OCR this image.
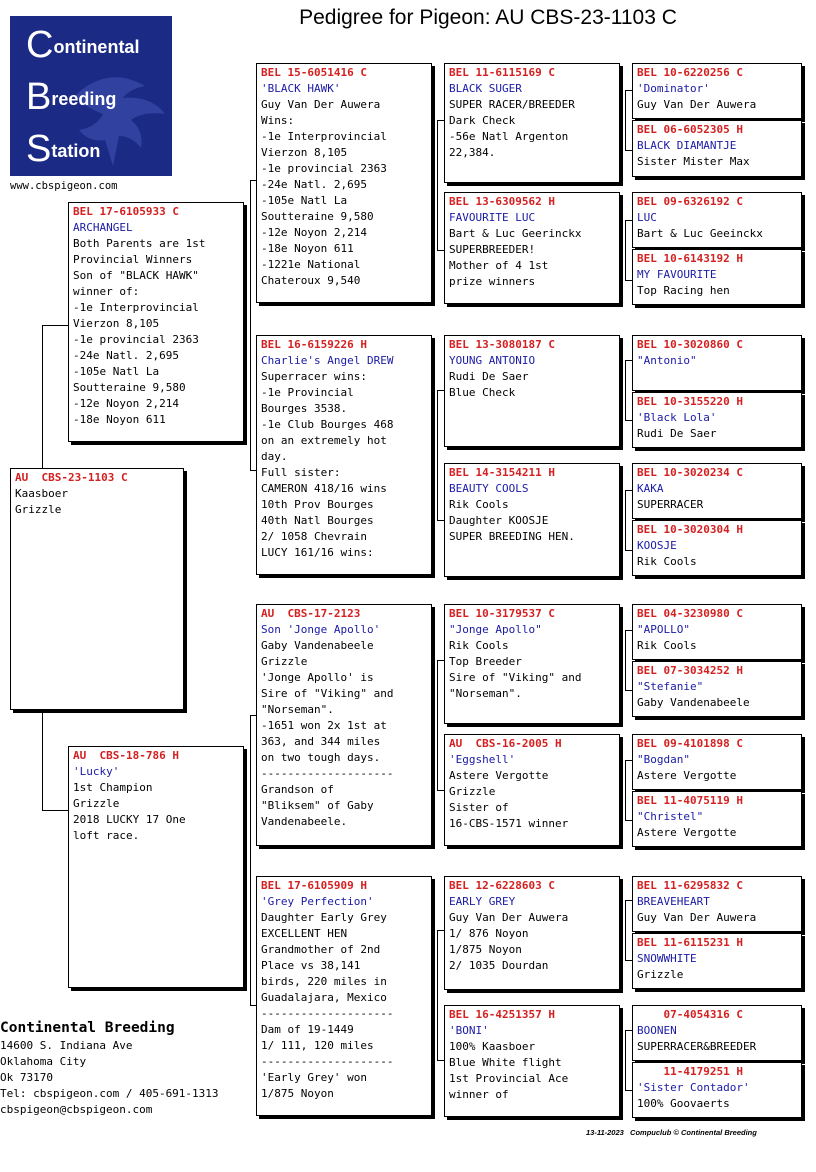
Pedigree for Pigeon: AU CBS-23-1103 C
Continental
Breeding
Station
www.cbspigeon.com
AU  CBS-23-1103 C
Kaasboer
Grizzle
BEL 17-6105933 C
ARCHANGEL
Both Parents are 1st
Provincial Winners
Son of "BLACK HAWK"
winner of:
-1e Interprovincial
Vierzon 8,105
-1e provincial 2363
-24e Natl. 2,695
-105e Natl La
Soutteraine 9,580
-12e Noyon 2,214
-18e Noyon 611
AU  CBS-18-786 H
'Lucky'
1st Champion
Grizzle
2018 LUCKY 17 One
loft race.
BEL 15-6051416 C
'BLACK HAWK'
Guy Van Der Auwera
Wins:
-1e Interprovincial
Vierzon 8,105
-1e provincial 2363
-24e Natl. 2,695
-105e Natl La
Soutteraine 9,580
-12e Noyon 2,214
-18e Noyon 611
-1221e National
Chateroux 9,540
BEL 16-6159226 H
Charlie's Angel DREW
Superracer wins:
-1e Provincial
Bourges 3538.
-1e Club Bourges 468
on an extremely hot
day.
Full sister:
CAMERON 418/16 wins
10th Prov Bourges
40th Natl Bourges
2/ 1058 Chevrain
LUCY 161/16 wins:
AU  CBS-17-2123
Son 'Jonge Apollo'
Gaby Vandenabeele
Grizzle
'Jonge Apollo' is
Sire of "Viking" and
"Norseman".
-1651 won 2x 1st at
363, and 344 miles
on two tough days.
--------------------
Grandson of
"Bliksem" of Gaby
Vandenabeele.
BEL 17-6105909 H
'Grey Perfection'
Daughter Early Grey
EXCELLENT HEN
Grandmother of 2nd
Place vs 38,141
birds, 220 miles in
Guadalajara, Mexico
--------------------
Dam of 19-1449
1/ 111, 120 miles
--------------------
'Early Grey' won
1/875 Noyon
BEL 11-6115169 C
BLACK SUGER
SUPER RACER/BREEDER
Dark Check
-56e Natl Argenton
22,384.
BEL 13-6309562 H
FAVOURITE LUC
Bart & Luc Geerinckx
SUPERBREEDER!
Mother of 4 1st
prize winners
BEL 13-3080187 C
YOUNG ANTONIO
Rudi De Saer
Blue Check
BEL 14-3154211 H
BEAUTY COOLS
Rik Cools
Daughter KOOSJE
SUPER BREEDING HEN.
BEL 10-3179537 C
"Jonge Apollo"
Rik Cools
Top Breeder
Sire of "Viking" and
"Norseman".
AU  CBS-16-2005 H
'Eggshell'
Astere Vergotte
Grizzle
Sister of
16-CBS-1571 winner
BEL 12-6228603 C
EARLY GREY
Guy Van Der Auwera
1/ 876 Noyon
1/875 Noyon
2/ 1035 Dourdan
BEL 16-4251357 H
'BONI'
100% Kaasboer
Blue White flight
1st Provincial Ace
winner of
BEL 10-6220256 C
'Dominator'
Guy Van Der Auwera
BEL 06-6052305 H
BLACK DIAMANTJE
Sister Mister Max
BEL 09-6326192 C
LUC
Bart & Luc Geeinckx
BEL 10-6143192 H
MY FAVOURITE
Top Racing hen
BEL 10-3020860 C
"Antonio"
BEL 10-3155220 H
'Black Lola'
Rudi De Saer
BEL 10-3020234 C
KAKA
SUPERRACER
BEL 10-3020304 H
KOOSJE
Rik Cools
BEL 04-3230980 C
"APOLLO"
Rik Cools
BEL 07-3034252 H
"Stefanie"
Gaby Vandenabeele
BEL 09-4101898 C
"Bogdan"
Astere Vergotte
BEL 11-4075119 H
"Christel"
Astere Vergotte
BEL 11-6295832 C
BREAVEHEART
Guy Van Der Auwera
BEL 11-6115231 H
SNOWWHITE
Grizzle
07-4054316 C
BOONEN
SUPERRACER&BREEDER
11-4179251 H
'Sister Contador'
100% Goovaerts
Continental Breeding
14600 S. Indiana Ave
Oklahoma City
Ok 73170
Tel: cbspigeon.com / 405-691-1313
cbspigeon@cbspigeon.com
13-11-2023   Compuclub © Continental Breeding
